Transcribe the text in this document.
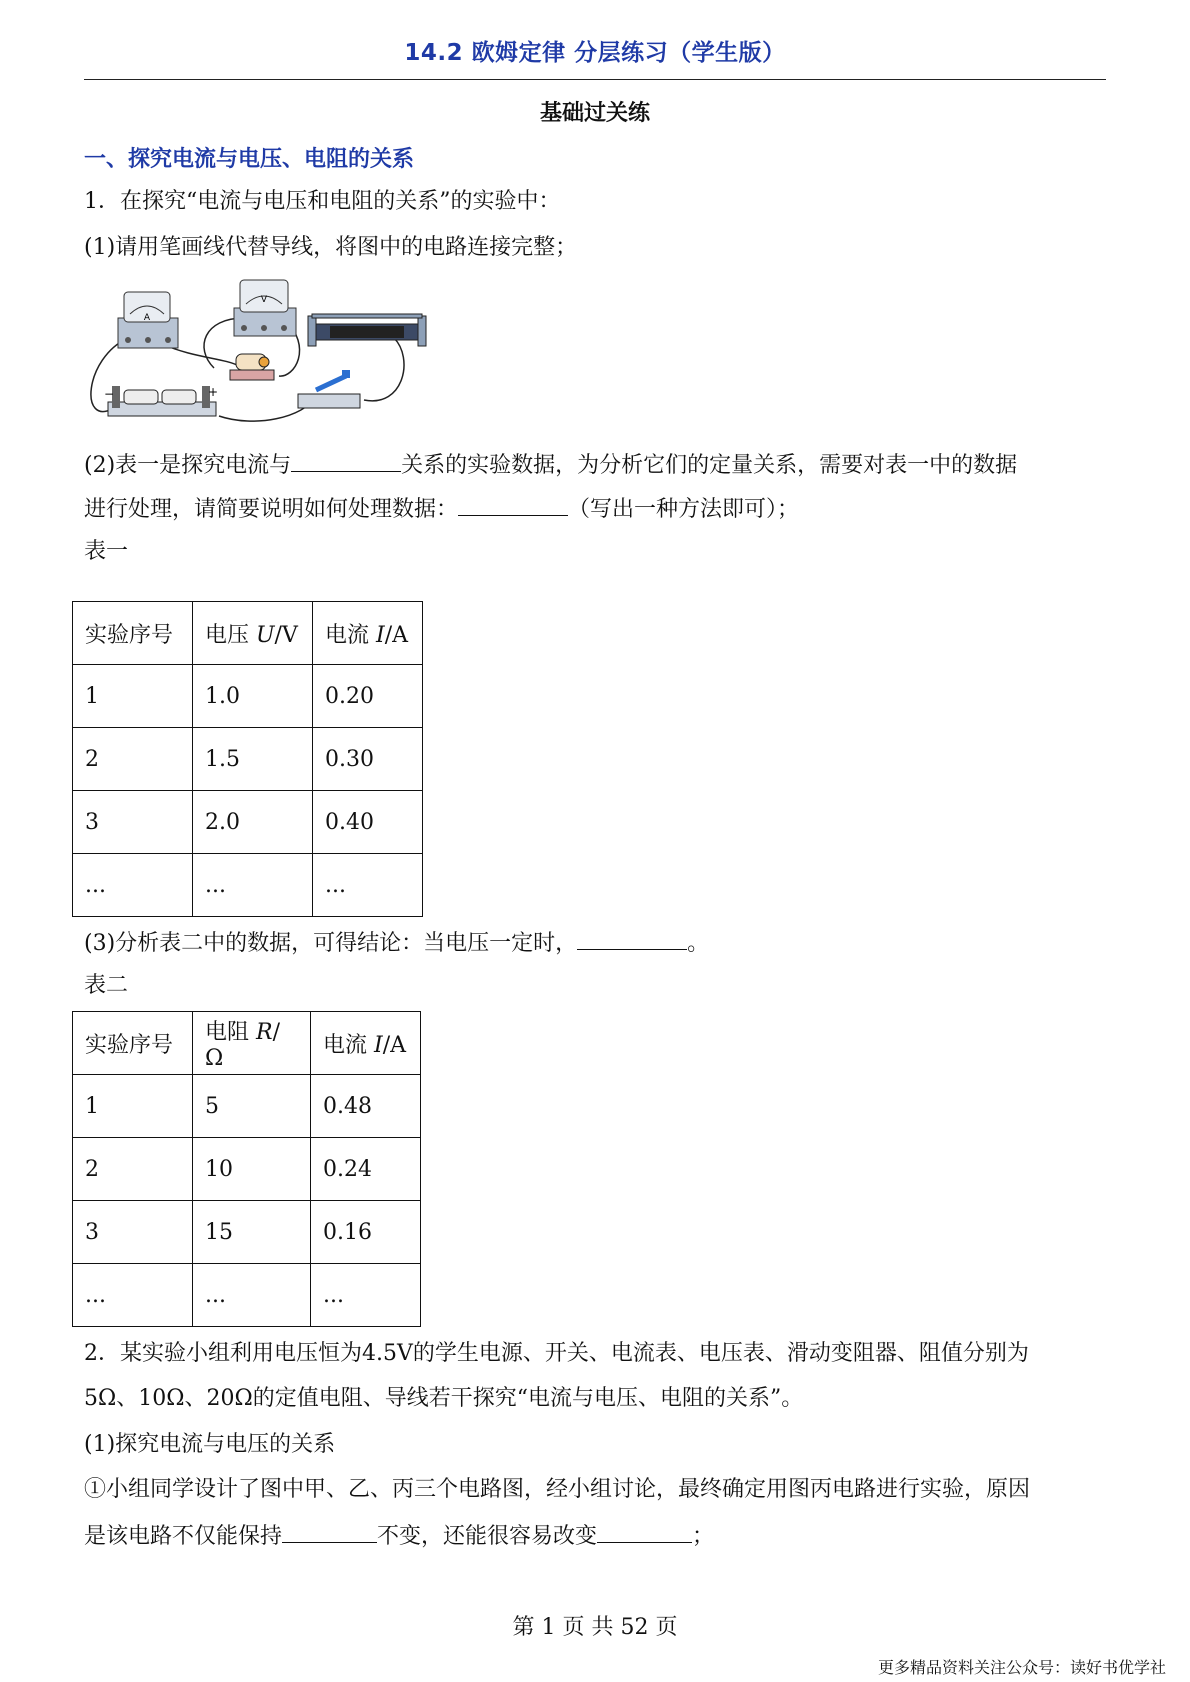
14.2 欧姆定律 分层练习（学生版）
基础过关练
一、探究电流与电压、电阻的关系
1．在探究“电流与电压和电阻的关系”的实验中：
(1)请用笔画线代替导线，将图中的电路连接完整；
A
V
−	+
(2)表一是探究电流与	关系的实验数据，为分析它们的定量关系，需要对表一中的数据
进行处理，请简要说明如何处理数据：	（写出一种方法即可）；
表一
实验序号	电压 U/V	电流 I/A
1	1.0	0.20
2	1.5	0.30
3	2.0	0.40
...	...	...
(3)分析表二中的数据，可得结论：当电压一定时，	。
表二
实验序号	电阻 R/Ω	电流 I/A
1	5	0.48
2	10	0.24
3	15	0.16
...	...	...
2．某实验小组利用电压恒为4.5V的学生电源、开关、电流表、电压表、滑动变阻器、阻值分别为
5Ω、10Ω、20Ω的定值电阻、导线若干探究“电流与电压、电阻的关系”。
(1)探究电流与电压的关系
①小组同学设计了图中甲、乙、丙三个电路图，经小组讨论，最终确定用图丙电路进行实验，原因
是该电路不仅能保持	不变，还能很容易改变	；
第 1 页 共 52 页
更多精品资料关注公众号：读好书优学社
